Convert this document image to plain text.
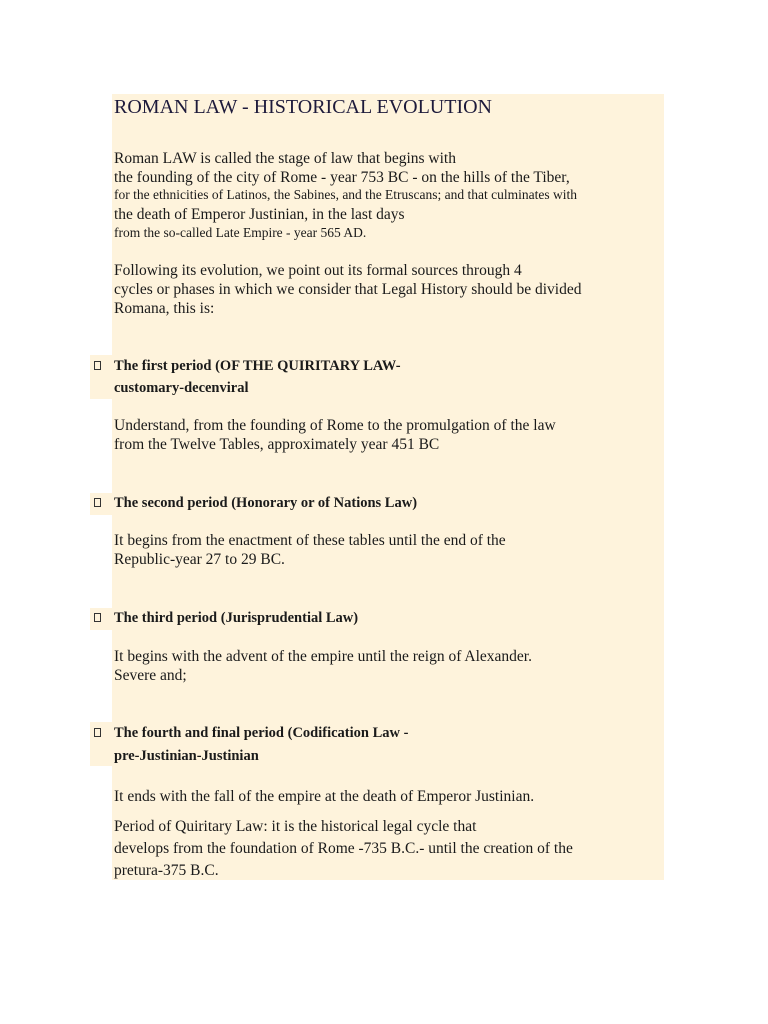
ROMAN LAW - HISTORICAL EVOLUTION
Roman LAW is called the stage of law that begins with
the founding of the city of Rome - year 753 BC - on the hills of the Tiber,
for the ethnicities of Latinos, the Sabines, and the Etruscans; and that culminates with
the death of Emperor Justinian, in the last days
from the so-called Late Empire - year 565 AD.
Following its evolution, we point out its formal sources through 4
cycles or phases in which we consider that Legal History should be divided
Romana, this is:
The first period (OF THE QUIRITARY LAW-
customary-decenviral
Understand, from the founding of Rome to the promulgation of the law
from the Twelve Tables, approximately year 451 BC
The second period (Honorary or of Nations Law)
It begins from the enactment of these tables until the end of the
Republic-year 27 to 29 BC.
The third period (Jurisprudential Law)
It begins with the advent of the empire until the reign of Alexander.
Severe and;
The fourth and final period (Codification Law -
pre-Justinian-Justinian
It ends with the fall of the empire at the death of Emperor Justinian.
Period of Quiritary Law: it is the historical legal cycle that
develops from the foundation of Rome -735 B.C.- until the creation of the
pretura-375 B.C.
